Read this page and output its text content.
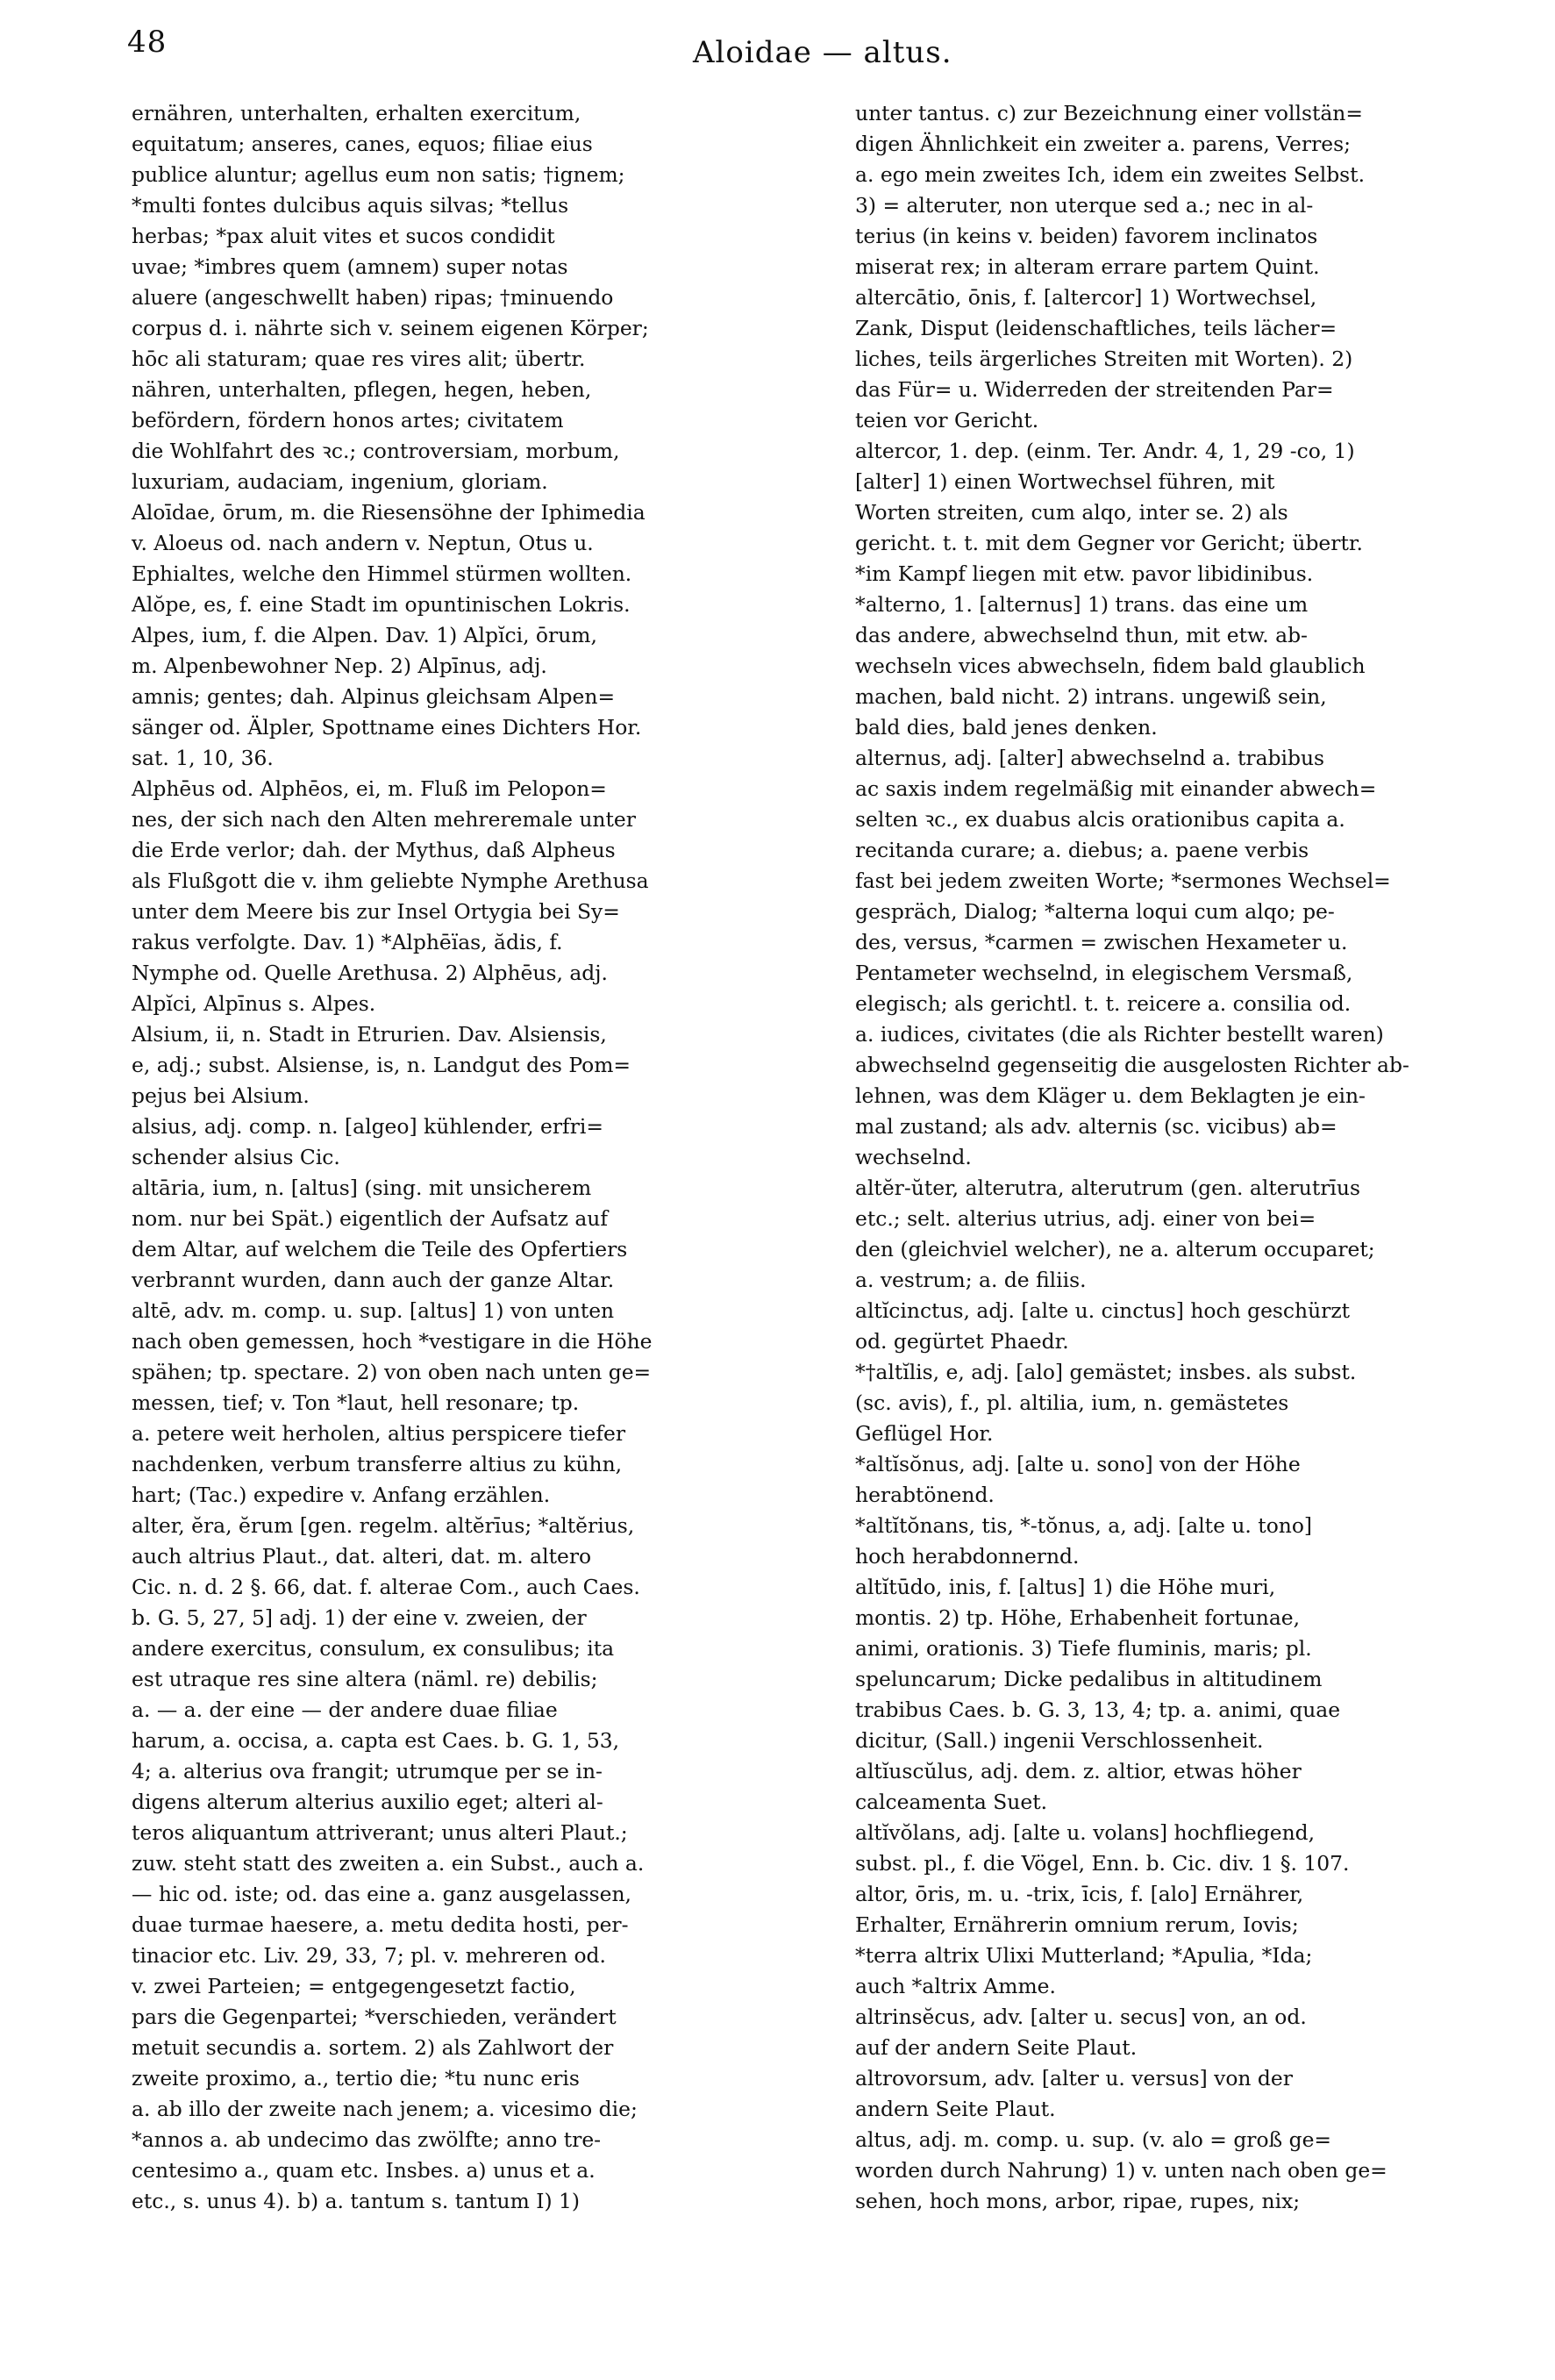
48	Aloidae — altus.
ernähren, unterhalten, erhalten exercitum,
equitatum; anseres, canes, equos; filiae eius
publice aluntur; agellus eum non satis; †ignem;
*multi fontes dulcibus aquis silvas; *tellus
herbas; *pax aluit vites et sucos condidit
uvae; *imbres quem (amnem) super notas
aluere (angeschwellt haben) ripas; †minuendo
corpus d. i. nährte sich v. seinem eigenen Körper;
hōc ali staturam; quae res vires alit; übertr.
nähren, unterhalten, pflegen, hegen, heben,
befördern, fördern honos artes; civitatem
die Wohlfahrt des ꝛc.; controversiam, morbum,
luxuriam, audaciam, ingenium, gloriam.
Aloīdae, ōrum, m. die Riesensöhne der Iphimedia
v. Aloeus od. nach andern v. Neptun, Otus u.
Ephialtes, welche den Himmel stürmen wollten.
Alŏpe, es, f. eine Stadt im opuntinischen Lokris.
Alpes, ium, f. die Alpen. Dav. 1) Alpĭci, ōrum,
m. Alpenbewohner Nep. 2) Alpīnus, adj.
amnis; gentes; dah. Alpinus gleichsam Alpen=
sänger od. Älpler, Spottname eines Dichters Hor.
sat. 1, 10, 36.
Alphēus od. Alphēos, ei, m. Fluß im Pelopon=
nes, der sich nach den Alten mehreremale unter
die Erde verlor; dah. der Mythus, daß Alpheus
als Flußgott die v. ihm geliebte Nymphe Arethusa
unter dem Meere bis zur Insel Ortygia bei Sy=
rakus verfolgte. Dav. 1) *Alphēïas, ădis, f.
Nymphe od. Quelle Arethusa. 2) Alphēus, adj.
Alpĭci, Alpīnus s. Alpes.
Alsium, ii, n. Stadt in Etrurien. Dav. Alsiensis,
e, adj.; subst. Alsiense, is, n. Landgut des Pom=
pejus bei Alsium.
alsius, adj. comp. n. [algeo] kühlender, erfri=
schender alsius Cic.
altāria, ium, n. [altus] (sing. mit unsicherem
nom. nur bei Spät.) eigentlich der Aufsatz auf
dem Altar, auf welchem die Teile des Opfertiers
verbrannt wurden, dann auch der ganze Altar.
altē, adv. m. comp. u. sup. [altus] 1) von unten
nach oben gemessen, hoch *vestigare in die Höhe
spähen; tp. spectare. 2) von oben nach unten ge=
messen, tief; v. Ton *laut, hell resonare; tp.
a. petere weit herholen, altius perspicere tiefer
nachdenken, verbum transferre altius zu kühn,
hart; (Tac.) expedire v. Anfang erzählen.
alter, ĕra, ĕrum [gen. regelm. altĕrīus; *altĕrius,
auch altrius Plaut., dat. alteri, dat. m. altero
Cic. n. d. 2 §. 66, dat. f. alterae Com., auch Caes.
b. G. 5, 27, 5] adj. 1) der eine v. zweien, der
andere exercitus, consulum, ex consulibus; ita
est utraque res sine altera (näml. re) debilis;
a. — a. der eine — der andere duae filiae
harum, a. occisa, a. capta est Caes. b. G. 1, 53,
4; a. alterius ova frangit; utrumque per se in-
digens alterum alterius auxilio eget; alteri al-
teros aliquantum attriverant; unus alteri Plaut.;
zuw. steht statt des zweiten a. ein Subst., auch a.
— hic od. iste; od. das eine a. ganz ausgelassen,
duae turmae haesere, a. metu dedita hosti, per-
tinacior etc. Liv. 29, 33, 7; pl. v. mehreren od.
v. zwei Parteien; = entgegengesetzt factio,
pars die Gegenpartei; *verschieden, verändert
metuit secundis a. sortem. 2) als Zahlwort der
zweite proximo, a., tertio die; *tu nunc eris
a. ab illo der zweite nach jenem; a. vicesimo die;
*annos a. ab undecimo das zwölfte; anno tre-
centesimo a., quam etc. Insbes. a) unus et a.
etc., s. unus 4). b) a. tantum s. tantum I) 1)
unter tantus. c) zur Bezeichnung einer vollstän=
digen Ähnlichkeit ein zweiter a. parens, Verres;
a. ego mein zweites Ich, idem ein zweites Selbst.
3) = alteruter, non uterque sed a.; nec in al-
terius (in keins v. beiden) favorem inclinatos
miserat rex; in alteram errare partem Quint.
altercātio, ōnis, f. [altercor] 1) Wortwechsel,
Zank, Disput (leidenschaftliches, teils lächer=
liches, teils ärgerliches Streiten mit Worten). 2)
das Für= u. Widerreden der streitenden Par=
teien vor Gericht.
altercor, 1. dep. (einm. Ter. Andr. 4, 1, 29 -co, 1)
[alter] 1) einen Wortwechsel führen, mit
Worten streiten, cum alqo, inter se. 2) als
gericht. t. t. mit dem Gegner vor Gericht; übertr.
*im Kampf liegen mit etw. pavor libidinibus.
*alterno, 1. [alternus] 1) trans. das eine um
das andere, abwechselnd thun, mit etw. ab-
wechseln vices abwechseln, fidem bald glaublich
machen, bald nicht. 2) intrans. ungewiß sein,
bald dies, bald jenes denken.
alternus, adj. [alter] abwechselnd a. trabibus
ac saxis indem regelmäßig mit einander abwech=
selten ꝛc., ex duabus alcis orationibus capita a.
recitanda curare; a. diebus; a. paene verbis
fast bei jedem zweiten Worte; *sermones Wechsel=
gespräch, Dialog; *alterna loqui cum alqo; pe-
des, versus, *carmen = zwischen Hexameter u.
Pentameter wechselnd, in elegischem Versmaß,
elegisch; als gerichtl. t. t. reicere a. consilia od.
a. iudices, civitates (die als Richter bestellt waren)
abwechselnd gegenseitig die ausgelosten Richter ab-
lehnen, was dem Kläger u. dem Beklagten je ein-
mal zustand; als adv. alternis (sc. vicibus) ab=
wechselnd.
altĕr-ŭter, alterutra, alterutrum (gen. alterutrīus
etc.; selt. alterius utrius, adj. einer von bei=
den (gleichviel welcher), ne a. alterum occuparet;
a. vestrum; a. de filiis.
altĭcinctus, adj. [alte u. cinctus] hoch geschürzt
od. gegürtet Phaedr.
*†altĭlis, e, adj. [alo] gemästet; insbes. als subst.
(sc. avis), f., pl. altilia, ium, n. gemästetes
Geflügel Hor.
*altĭsŏnus, adj. [alte u. sono] von der Höhe
herabtönend.
*altĭtŏnans, tis, *-tŏnus, a, adj. [alte u. tono]
hoch herabdonnernd.
altĭtūdo, inis, f. [altus] 1) die Höhe muri,
montis. 2) tp. Höhe, Erhabenheit fortunae,
animi, orationis. 3) Tiefe fluminis, maris; pl.
speluncarum; Dicke pedalibus in altitudinem
trabibus Caes. b. G. 3, 13, 4; tp. a. animi, quae
dicitur, (Sall.) ingenii Verschlossenheit.
altĭuscŭlus, adj. dem. z. altior, etwas höher
calceamenta Suet.
altĭvŏlans, adj. [alte u. volans] hochfliegend,
subst. pl., f. die Vögel, Enn. b. Cic. div. 1 §. 107.
altor, ōris, m. u. -trix, īcis, f. [alo] Ernährer,
Erhalter, Ernährerin omnium rerum, Iovis;
*terra altrix Ulixi Mutterland; *Apulia, *Ida;
auch *altrix Amme.
altrinsĕcus, adv. [alter u. secus] von, an od.
auf der andern Seite Plaut.
altrovorsum, adv. [alter u. versus] von der
andern Seite Plaut.
altus, adj. m. comp. u. sup. (v. alo = groß ge=
worden durch Nahrung) 1) v. unten nach oben ge=
sehen, hoch mons, arbor, ripae, rupes, nix;
